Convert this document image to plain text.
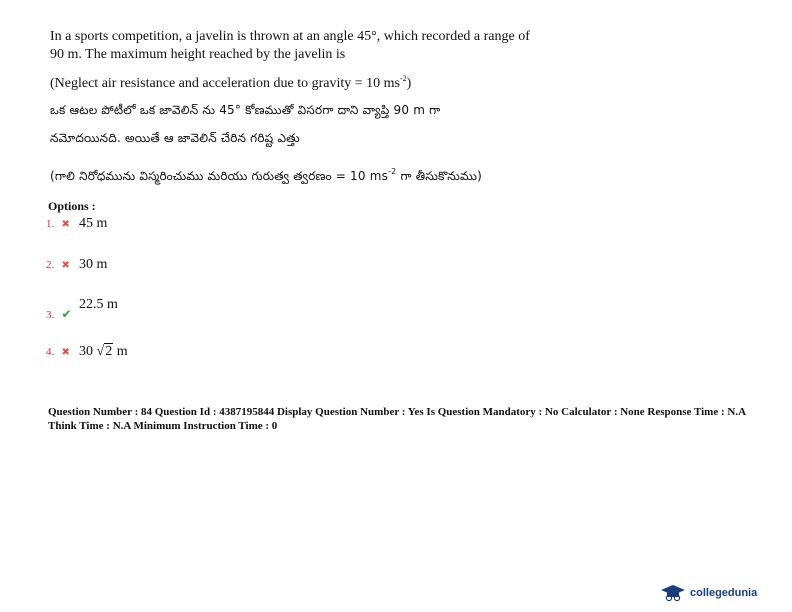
In a sports competition, a javelin is thrown at an angle 45°, which recorded a range of

90 m. The maximum height reached by the javelin is

(Neglect air resistance and acceleration due to gravity = 10 $ms^{-2}$)
ఒక ఆటల పోటీలో ఒక జావెలిన్ ను 45° కోణముతో విసరగా దాని వ్యాప్తి 90 m గా
నమోదయినది. అయితే ఆ జావెలిన్ చేరిన గరిష్ట ఎత్తు
(గాలి నిరోధమును విస్మరించుము మరియు గురుత్వ త్వరణం = 10 $ms^{-2}$ గా తీసుకొనుము)
Options :
1. ✖ 45 m
2. ✖ 30 m
3. ✔ 22.5 m
4. ✖ 30 √2 m
Question Number : 84 Question Id : 4387195844 Display Question Number : Yes Is Question Mandatory : No Calculator : None Response Time : N.A Think Time : N.A Minimum Instruction Time : 0
collegedunia
